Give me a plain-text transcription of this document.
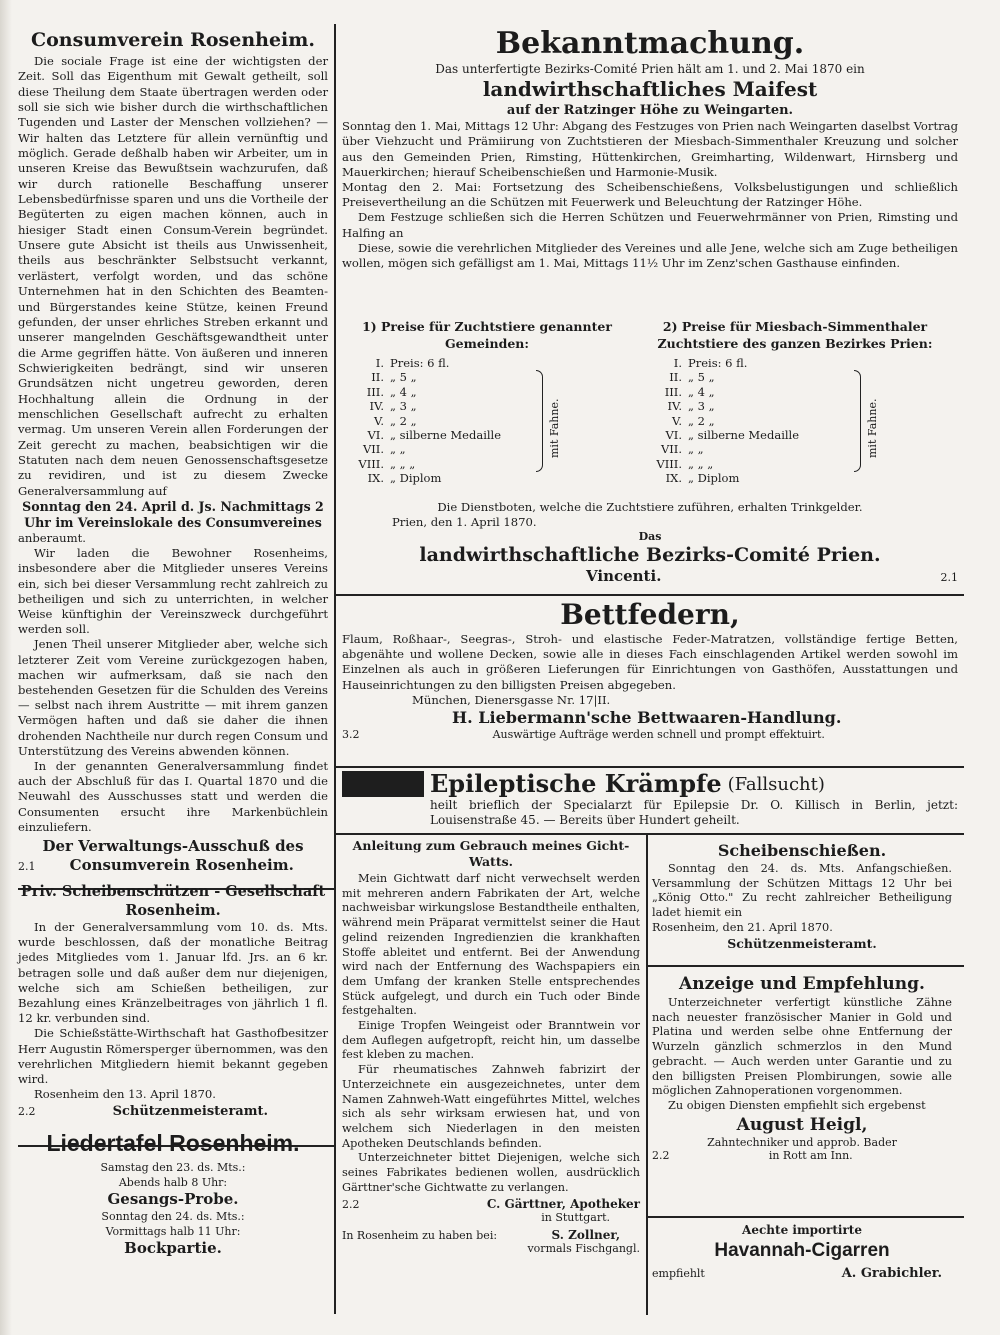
Consumverein Rosenheim.

Die sociale Frage ist eine der wichtigsten der Zeit. Soll das Eigenthum mit Gewalt getheilt, soll diese Theilung dem Staate übertragen werden oder soll sie sich wie bisher durch die wirthschaftlichen Tugenden und Laster der Menschen vollziehen? — Wir halten das Letztere für allein vernünftig und möglich. Gerade deßhalb haben wir Arbeiter, um in unseren Kreise das Bewußtsein wachzurufen, daß wir durch rationelle Beschaffung unserer Lebensbedürfnisse sparen und uns die Vortheile der Begüterten zu eigen machen können, auch in hiesiger Stadt einen Consum-Verein begründet. Unsere gute Absicht ist theils aus Unwissenheit, theils aus beschränkter Selbstsucht verkannt, verlästert, verfolgt worden, und das schöne Unternehmen hat in den Schichten des Beamten- und Bürgerstandes keine Stütze, keinen Freund gefunden, der unser ehrliches Streben erkannt und unserer mangelnden Geschäftsgewandtheit unter die Arme gegriffen hätte. Von äußeren und inneren Schwierigkeiten bedrängt, sind wir unseren Grundsätzen nicht ungetreu geworden, deren Hochhaltung allein die Ordnung in der menschlichen Gesellschaft aufrecht zu erhalten vermag. Um unseren Verein allen Forderungen der Zeit gerecht zu machen, beabsichtigen wir die Statuten nach dem neuen Genossenschaftsgesetze zu revidiren, und ist zu diesem Zwecke Generalversammlung auf

Sonntag den 24. April d. Js. Nachmittags 2 Uhr im Vereinslokale des Consumvereines

anberaumt.

Wir laden die Bewohner Rosenheims, insbesondere aber die Mitglieder unseres Vereins ein, sich bei dieser Versammlung recht zahlreich zu betheiligen und sich zu unterrichten, in welcher Weise künftighin der Vereinszweck durchgeführt werden soll.

Jenen Theil unserer Mitglieder aber, welche sich letzterer Zeit vom Vereine zurückgezogen haben, machen wir aufmerksam, daß sie nach den bestehenden Gesetzen für die Schulden des Vereins — selbst nach ihrem Austritte — mit ihrem ganzen Vermögen haften und daß sie daher die ihnen drohenden Nachtheile nur durch regen Consum und Unterstützung des Vereins abwenden können.

In der genannten Generalversammlung findet auch der Abschluß für das I. Quartal 1870 und die Neuwahl des Ausschusses statt und werden die Consumenten ersucht ihre Markenbüchlein einzuliefern.

Der Verwaltungs-Ausschuß des
2.1	Consumverein Rosenheim.
Priv. Scheibenschützen - Gesellschaft Rosenheim.

In der Generalversammlung vom 10. ds. Mts. wurde beschlossen, daß der monatliche Beitrag jedes Mitgliedes vom 1. Januar lfd. Jrs. an 6 kr. betragen solle und daß außer dem nur diejenigen, welche sich am Schießen betheiligen, zur Bezahlung eines Kränzelbeitrages von jährlich 1 fl. 12 kr. verbunden sind.

Die Schießstätte-Wirthschaft hat Gasthofbesitzer Herr Augustin Römersperger übernommen, was den verehrlichen Mitgliedern hiemit bekannt gegeben wird.

Rosenheim den 13. April 1870.

2.2	Schützenmeisteramt.
Liedertafel Rosenheim.
Samstag den 23. ds. Mts.:
Abends halb 8 Uhr:
Gesangs-Probe.
Sonntag den 24. ds. Mts.:
Vormittags halb 11 Uhr:
Bockpartie.
Bekanntmachung.

Das unterfertigte Bezirks-Comité Prien hält am 1. und 2. Mai 1870 ein

landwirthschaftliches Maifest
auf der Ratzinger Höhe zu Weingarten.

Sonntag den 1. Mai, Mittags 12 Uhr: Abgang des Festzuges von Prien nach Weingarten daselbst Vortrag über Viehzucht und Prämiirung von Zuchtstieren der Miesbach-Simmenthaler Kreuzung und solcher aus den Gemeinden Prien, Rimsting, Hüttenkirchen, Greimharting, Wildenwart, Hirnsberg und Mauerkirchen; hierauf Scheibenschießen und Harmonie-Musik.

Montag den 2. Mai: Fortsetzung des Scheibenschießens, Volksbelustigungen und schließlich Preisevertheilung an die Schützen mit Feuerwerk und Beleuchtung der Ratzinger Höhe.

Dem Festzuge schließen sich die Herren Schützen und Feuerwehrmänner von Prien, Rimsting und Halfing an

Diese, sowie die verehrlichen Mitglieder des Vereines und alle Jene, welche sich am Zuge betheiligen wollen, mögen sich gefälligst am 1. Mai, Mittags 11½ Uhr im Zenz'schen Gasthause einfinden.

1) Preise für Zuchtstiere genannter Gemeinden:
I. Preis: 6 fl.
II. „ 5 „
III. „ 4 „
IV. „ 3 „
V. „ 2 „
VI. „ silberne Medaille
VII. „ „
VIII. „ „ „
IX. „ Diplom
mit Fahne.
2) Preise für Miesbach-Simmenthaler Zuchtstiere des ganzen Bezirkes Prien:
I. Preis: 6 fl.
II. „ 5 „
III. „ 4 „
IV. „ 3 „
V. „ 2 „
VI. „ silberne Medaille
VII. „ „
VIII. „ „ „
IX. „ Diplom
mit Fahne.

Die Dienstboten, welche die Zuchtstiere zuführen, erhalten Trinkgelder.

Prien, den 1. April 1870.

Das
landwirthschaftliche Bezirks-Comité Prien.
Vincenti.	2.1
Bettfedern,

Flaum, Roßhaar-, Seegras-, Stroh- und elastische Feder-Matratzen, vollständige fertige Betten, abgenähte und wollene Decken, sowie alle in dieses Fach einschlagenden Artikel werden sowohl im Einzelnen als auch in größeren Lieferungen für Einrichtungen von Gasthöfen, Ausstattungen und Hauseinrichtungen zu den billigsten Preisen abgegeben.

München, Dienersgasse Nr. 17|II.

H. Liebermann'sche Bettwaaren-Handlung.
3.2	Auswärtige Aufträge werden schnell und prompt effektuirt.
Epileptische Krämpfe (Fallsucht)

heilt brieflich der Specialarzt für Epilepsie Dr. O. Killisch in Berlin, jetzt: Louisenstraße 45. — Bereits über Hundert geheilt.

Anleitung zum Gebrauch meines Gicht-Watts.

Mein Gichtwatt darf nicht verwechselt werden mit mehreren andern Fabrikaten der Art, welche nachweisbar wirkungslose Bestandtheile enthalten, während mein Präparat vermittelst seiner die Haut gelind reizenden Ingredienzien die krankhaften Stoffe ableitet und entfernt. Bei der Anwendung wird nach der Entfernung des Wachspapiers ein dem Umfang der kranken Stelle entsprechendes Stück aufgelegt, und durch ein Tuch oder Binde festgehalten.

Einige Tropfen Weingeist oder Branntwein vor dem Auflegen aufgetropft, reicht hin, um dasselbe fest kleben zu machen.

Für rheumatisches Zahnweh fabrizirt der Unterzeichnete ein ausgezeichnetes, unter dem Namen Zahnweh-Watt eingeführtes Mittel, welches sich als sehr wirksam erwiesen hat, und von welchem sich Niederlagen in den meisten Apotheken Deutschlands befinden.

Unterzeichneter bittet Diejenigen, welche sich seines Fabrikates bedienen wollen, ausdrücklich Gärttner'sche Gichtwatte zu verlangen.

2.2	C. Gärttner, Apotheker
in Stuttgart.
In Rosenheim zu haben bei:	S. Zollner,
vormals Fischgangl.
Scheibenschießen.

Sonntag den 24. ds. Mts. Anfangschießen. Versammlung der Schützen Mittags 12 Uhr bei „König Otto." Zu recht zahlreicher Betheiligung ladet hiemit ein

Rosenheim, den 21. April 1870.

Schützenmeisteramt.
Anzeige und Empfehlung.

Unterzeichneter verfertigt künstliche Zähne nach neuester französischer Manier in Gold und Platina und werden selbe ohne Entfernung der Wurzeln gänzlich schmerzlos in den Mund gebracht. — Auch werden unter Garantie und zu den billigsten Preisen Plombirungen, sowie alle möglichen Zahnoperationen vorgenommen.

Zu obigen Diensten empfiehlt sich ergebenst

August Heigl,
Zahntechniker und approb. Bader
2.2	in Rott am Inn.
Aechte importirte
Havannah-Cigarren
empfiehlt	A. Grabichler.
